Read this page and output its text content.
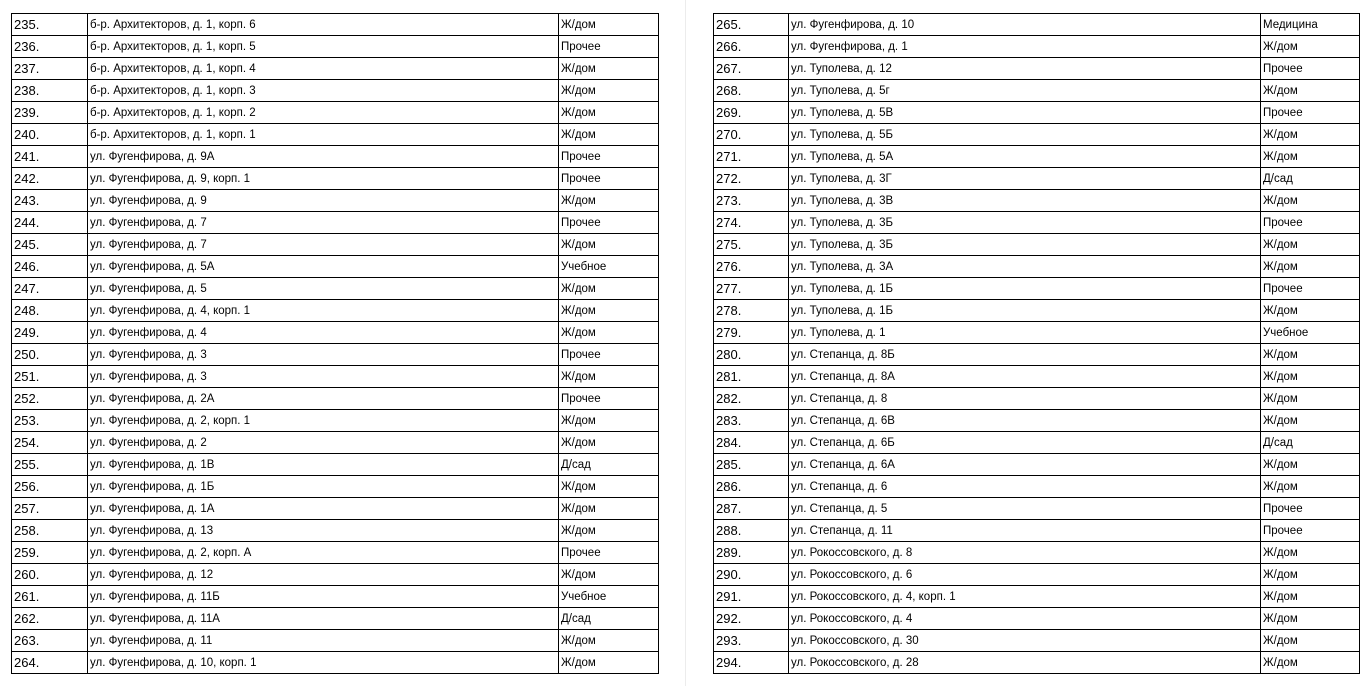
235.	б-р. Архитекторов, д. 1, корп. 6	Ж/дом
236.	б-р. Архитекторов, д. 1, корп. 5	Прочее
237.	б-р. Архитекторов, д. 1, корп. 4	Ж/дом
238.	б-р. Архитекторов, д. 1, корп. 3	Ж/дом
239.	б-р. Архитекторов, д. 1, корп. 2	Ж/дом
240.	б-р. Архитекторов, д. 1, корп. 1	Ж/дом
241.	ул. Фугенфирова, д. 9А	Прочее
242.	ул. Фугенфирова, д. 9, корп. 1	Прочее
243.	ул. Фугенфирова, д. 9	Ж/дом
244.	ул. Фугенфирова, д. 7	Прочее
245.	ул. Фугенфирова, д. 7	Ж/дом
246.	ул. Фугенфирова, д. 5А	Учебное
247.	ул. Фугенфирова, д. 5	Ж/дом
248.	ул. Фугенфирова, д. 4, корп. 1	Ж/дом
249.	ул. Фугенфирова, д. 4	Ж/дом
250.	ул. Фугенфирова, д. 3	Прочее
251.	ул. Фугенфирова, д. 3	Ж/дом
252.	ул. Фугенфирова, д. 2А	Прочее
253.	ул. Фугенфирова, д. 2, корп. 1	Ж/дом
254.	ул. Фугенфирова, д. 2	Ж/дом
255.	ул. Фугенфирова, д. 1В	Д/сад
256.	ул. Фугенфирова, д. 1Б	Ж/дом
257.	ул. Фугенфирова, д. 1А	Ж/дом
258.	ул. Фугенфирова, д. 13	Ж/дом
259.	ул. Фугенфирова, д. 2, корп. А	Прочее
260.	ул. Фугенфирова, д. 12	Ж/дом
261.	ул. Фугенфирова, д. 11Б	Учебное
262.	ул. Фугенфирова, д. 11А	Д/сад
263.	ул. Фугенфирова, д. 11	Ж/дом
264.	ул. Фугенфирова, д. 10, корп. 1	Ж/дом
265.	ул. Фугенфирова, д. 10	Медицина
266.	ул. Фугенфирова, д. 1	Ж/дом
267.	ул. Туполева, д. 12	Прочее
268.	ул. Туполева, д. 5г	Ж/дом
269.	ул. Туполева, д. 5В	Прочее
270.	ул. Туполева, д. 5Б	Ж/дом
271.	ул. Туполева, д. 5А	Ж/дом
272.	ул. Туполева, д. 3Г	Д/сад
273.	ул. Туполева, д. 3В	Ж/дом
274.	ул. Туполева, д. 3Б	Прочее
275.	ул. Туполева, д. 3Б	Ж/дом
276.	ул. Туполева, д. 3А	Ж/дом
277.	ул. Туполева, д. 1Б	Прочее
278.	ул. Туполева, д. 1Б	Ж/дом
279.	ул. Туполева, д. 1	Учебное
280.	ул. Степанца, д. 8Б	Ж/дом
281.	ул. Степанца, д. 8А	Ж/дом
282.	ул. Степанца, д. 8	Ж/дом
283.	ул. Степанца, д. 6В	Ж/дом
284.	ул. Степанца, д. 6Б	Д/сад
285.	ул. Степанца, д. 6А	Ж/дом
286.	ул. Степанца, д. 6	Ж/дом
287.	ул. Степанца, д. 5	Прочее
288.	ул. Степанца, д. 11	Прочее
289.	ул. Рокоссовского, д. 8	Ж/дом
290.	ул. Рокоссовского, д. 6	Ж/дом
291.	ул. Рокоссовского, д. 4, корп. 1	Ж/дом
292.	ул. Рокоссовского, д. 4	Ж/дом
293.	ул. Рокоссовского, д. 30	Ж/дом
294.	ул. Рокоссовского, д. 28	Ж/дом
